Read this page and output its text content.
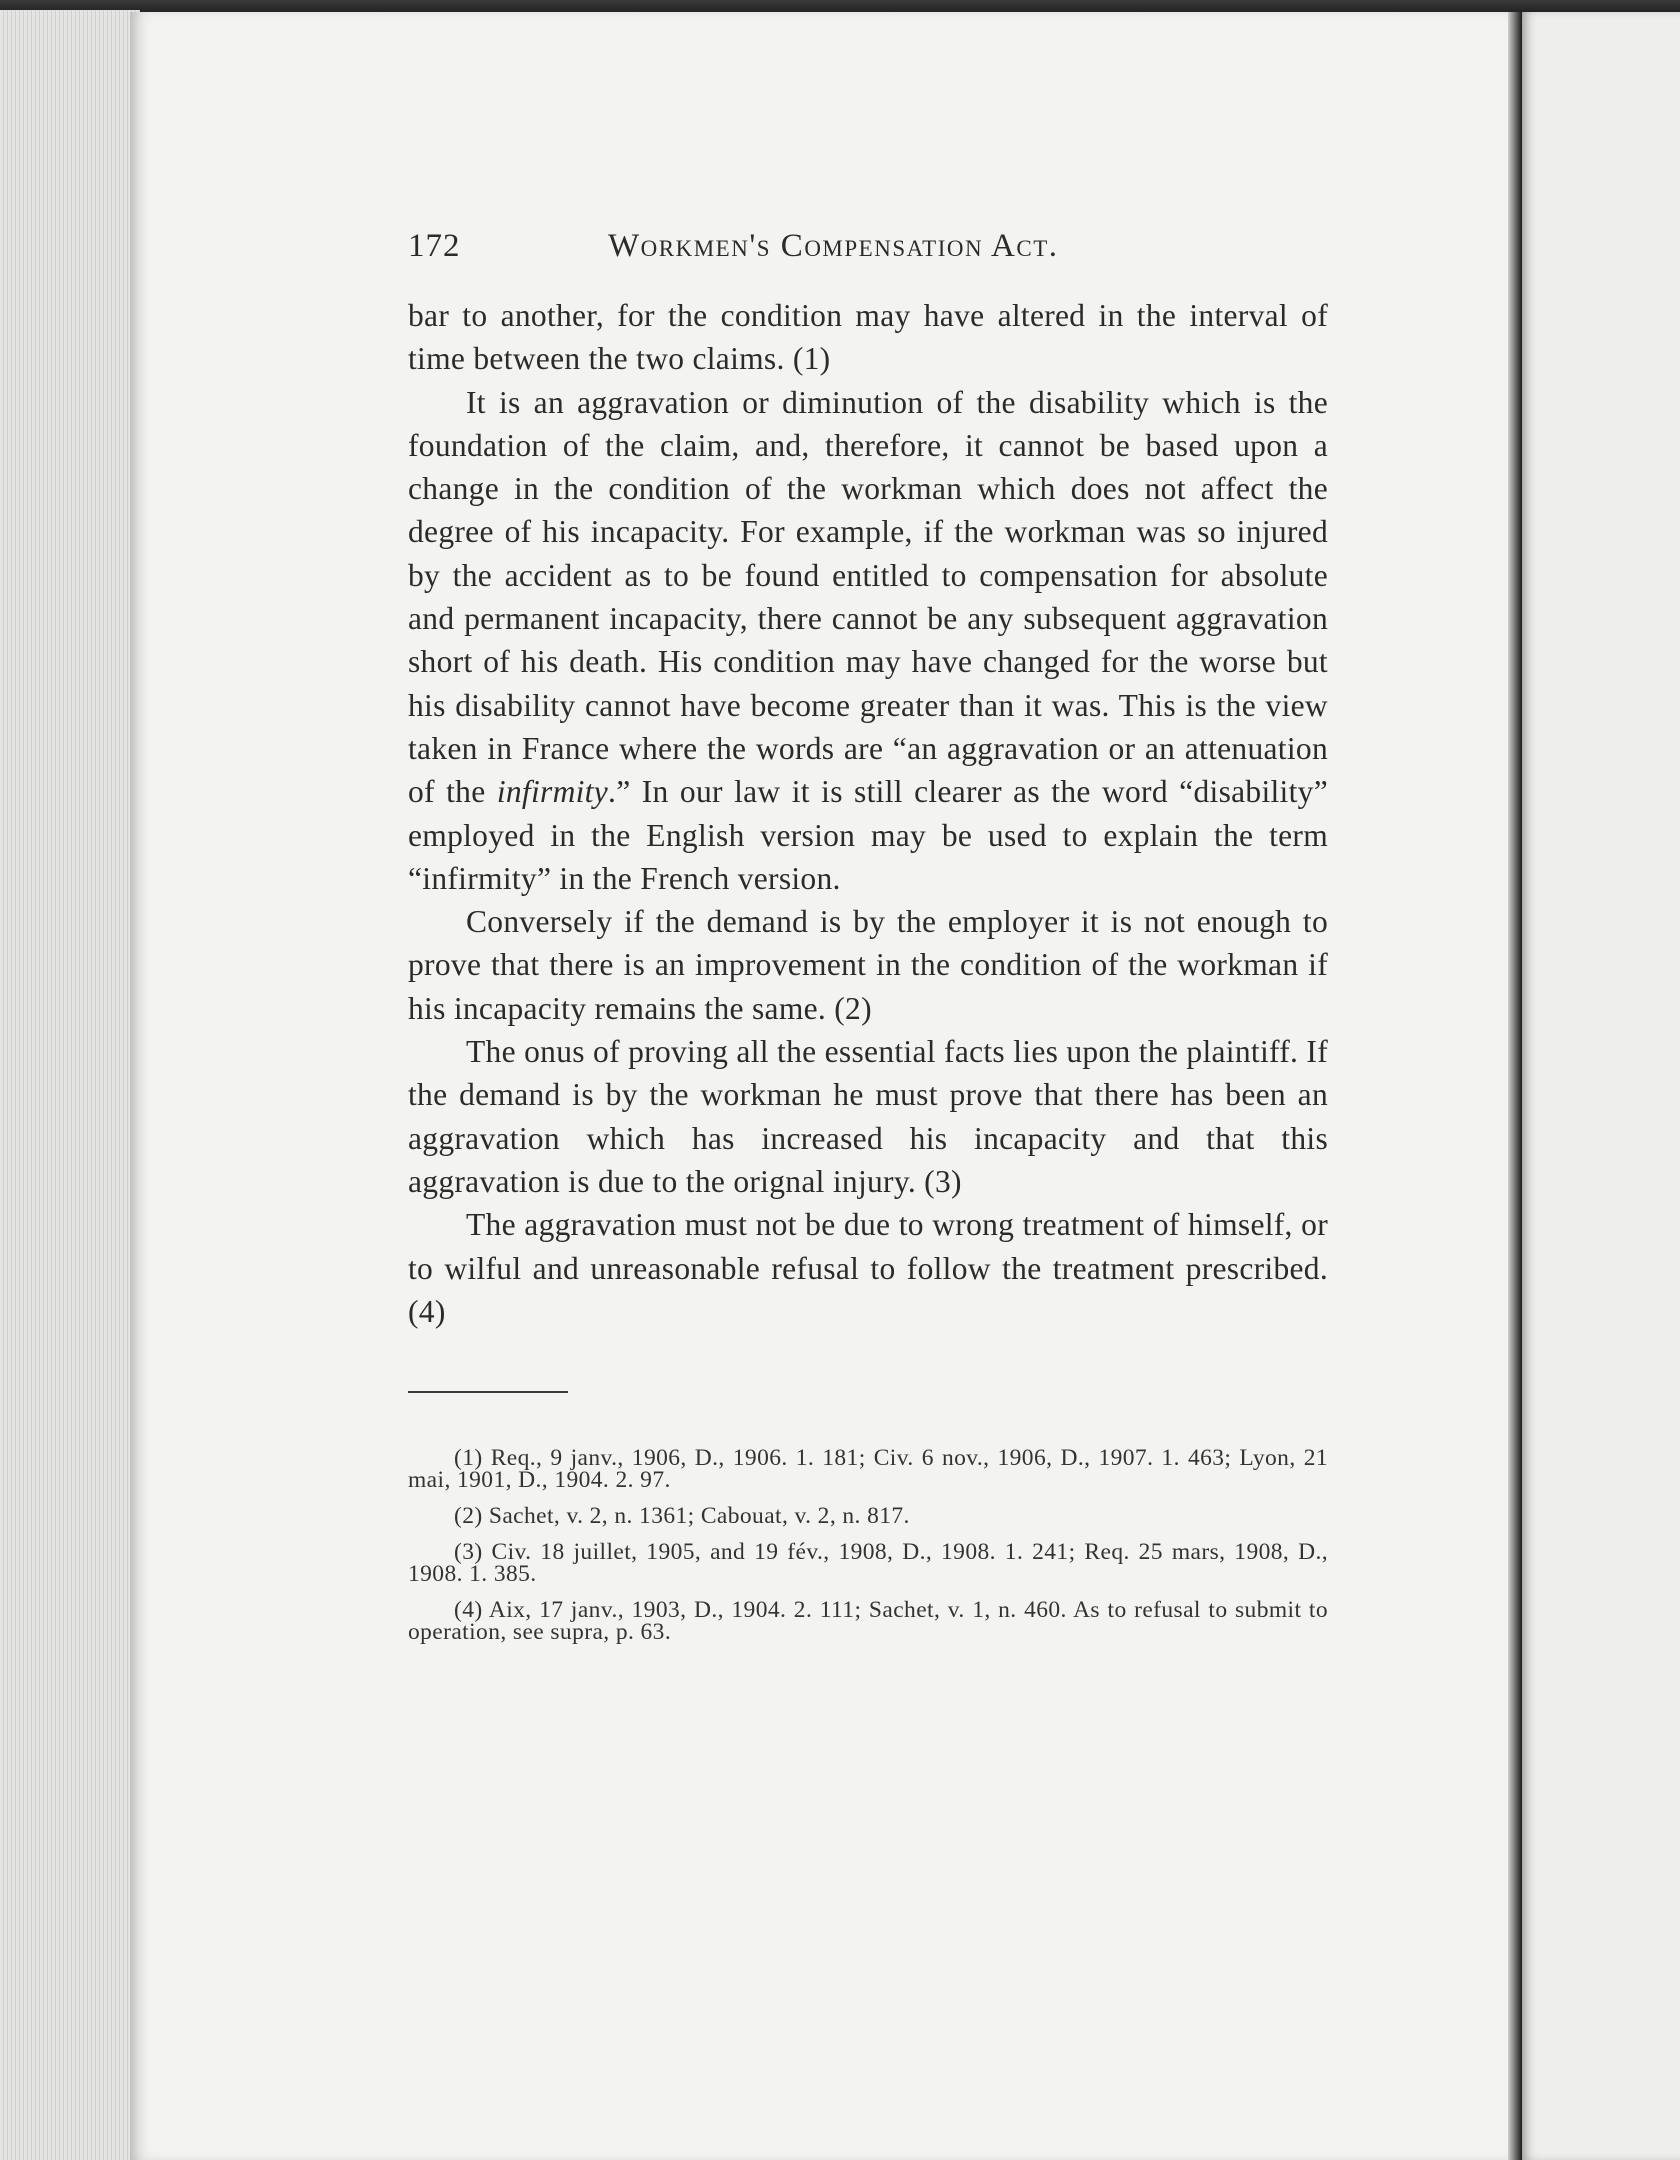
172	Workmen's Compensation Act.

bar to another, for the condition may have altered in the interval of time between the two claims. (1)

It is an aggravation or diminution of the disability which is the foundation of the claim, and, therefore, it cannot be based upon a change in the condition of the workman which does not affect the degree of his incapacity. For example, if the workman was so injured by the accident as to be found entitled to compensation for absolute and permanent incapacity, there cannot be any subsequent aggravation short of his death. His condition may have changed for the worse but his disability cannot have become greater than it was. This is the view taken in France where the words are “an aggravation or an attenuation of the infirmity.” In our law it is still clearer as the word “disability” employed in the English version may be used to explain the term “infirmity” in the French version.

Conversely if the demand is by the employer it is not enough to prove that there is an improvement in the condition of the workman if his incapacity remains the same. (2)

The onus of proving all the essential facts lies upon the plaintiff. If the demand is by the workman he must prove that there has been an aggravation which has increased his incapacity and that this aggravation is due to the orignal injury. (3)

The aggravation must not be due to wrong treatment of himself, or to wilful and unreasonable refusal to follow the treatment prescribed. (4)

(1) Req., 9 janv., 1906, D., 1906. 1. 181; Civ. 6 nov., 1906, D., 1907. 1. 463; Lyon, 21 mai, 1901, D., 1904. 2. 97.

(2) Sachet, v. 2, n. 1361; Cabouat, v. 2, n. 817.

(3) Civ. 18 juillet, 1905, and 19 fév., 1908, D., 1908. 1. 241; Req. 25 mars, 1908, D., 1908. 1. 385.

(4) Aix, 17 janv., 1903, D., 1904. 2. 111; Sachet, v. 1, n. 460. As to refusal to submit to operation, see supra, p. 63.
